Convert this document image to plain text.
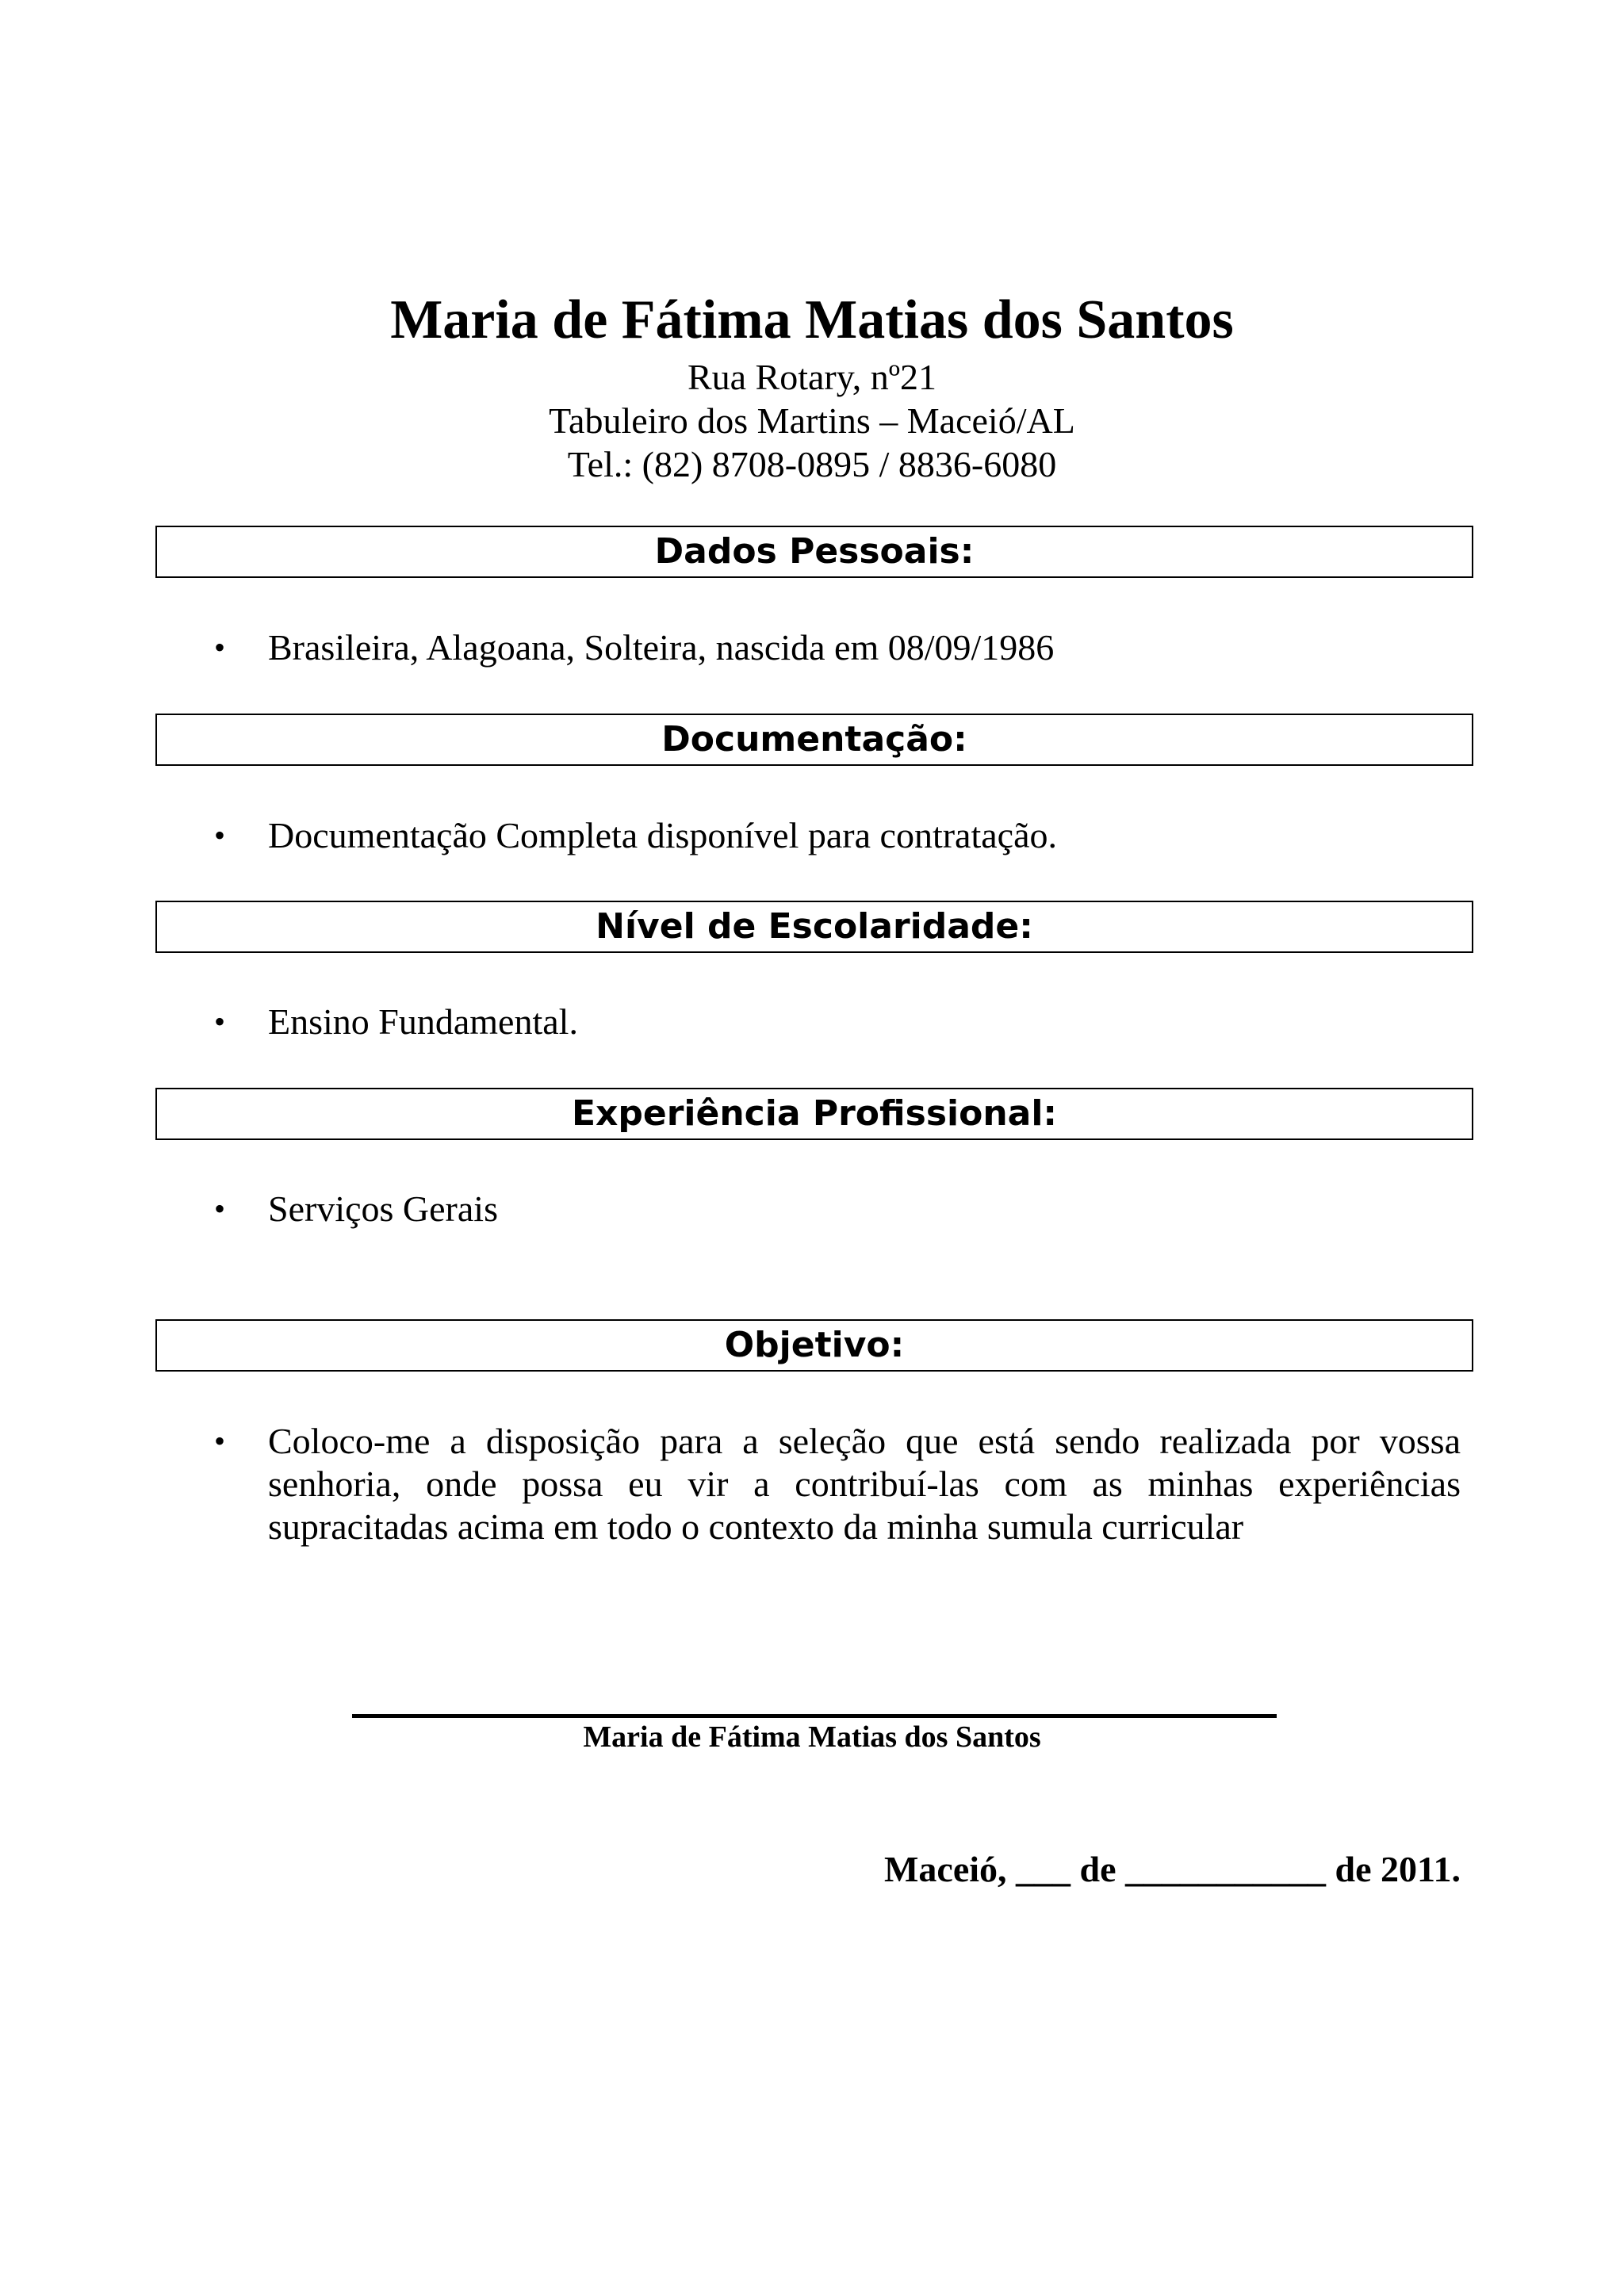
Maria de Fátima Matias dos Santos

Rua Rotary, nº21

Tabuleiro dos Martins – Maceió/AL

Tel.: (82) 8708-0895 / 8836-6080

Dados Pessoais:
• Brasileira, Alagoana, Solteira, nascida em 08/09/1986
Documentação:
• Documentação Completa disponível para contratação.
Nível de Escolaridade:
• Ensino Fundamental.
Experiência Profissional:
• Serviços Gerais
Objetivo:
• Coloco-me a disposição para a seleção que está sendo realizada por vossa senhoria, onde possa eu vir a contribuí-las com as minhas experiências supracitadas acima em todo o contexto da minha sumula curricular
Maria de Fátima Matias dos Santos
Maceió, ___ de ___________ de 2011.
